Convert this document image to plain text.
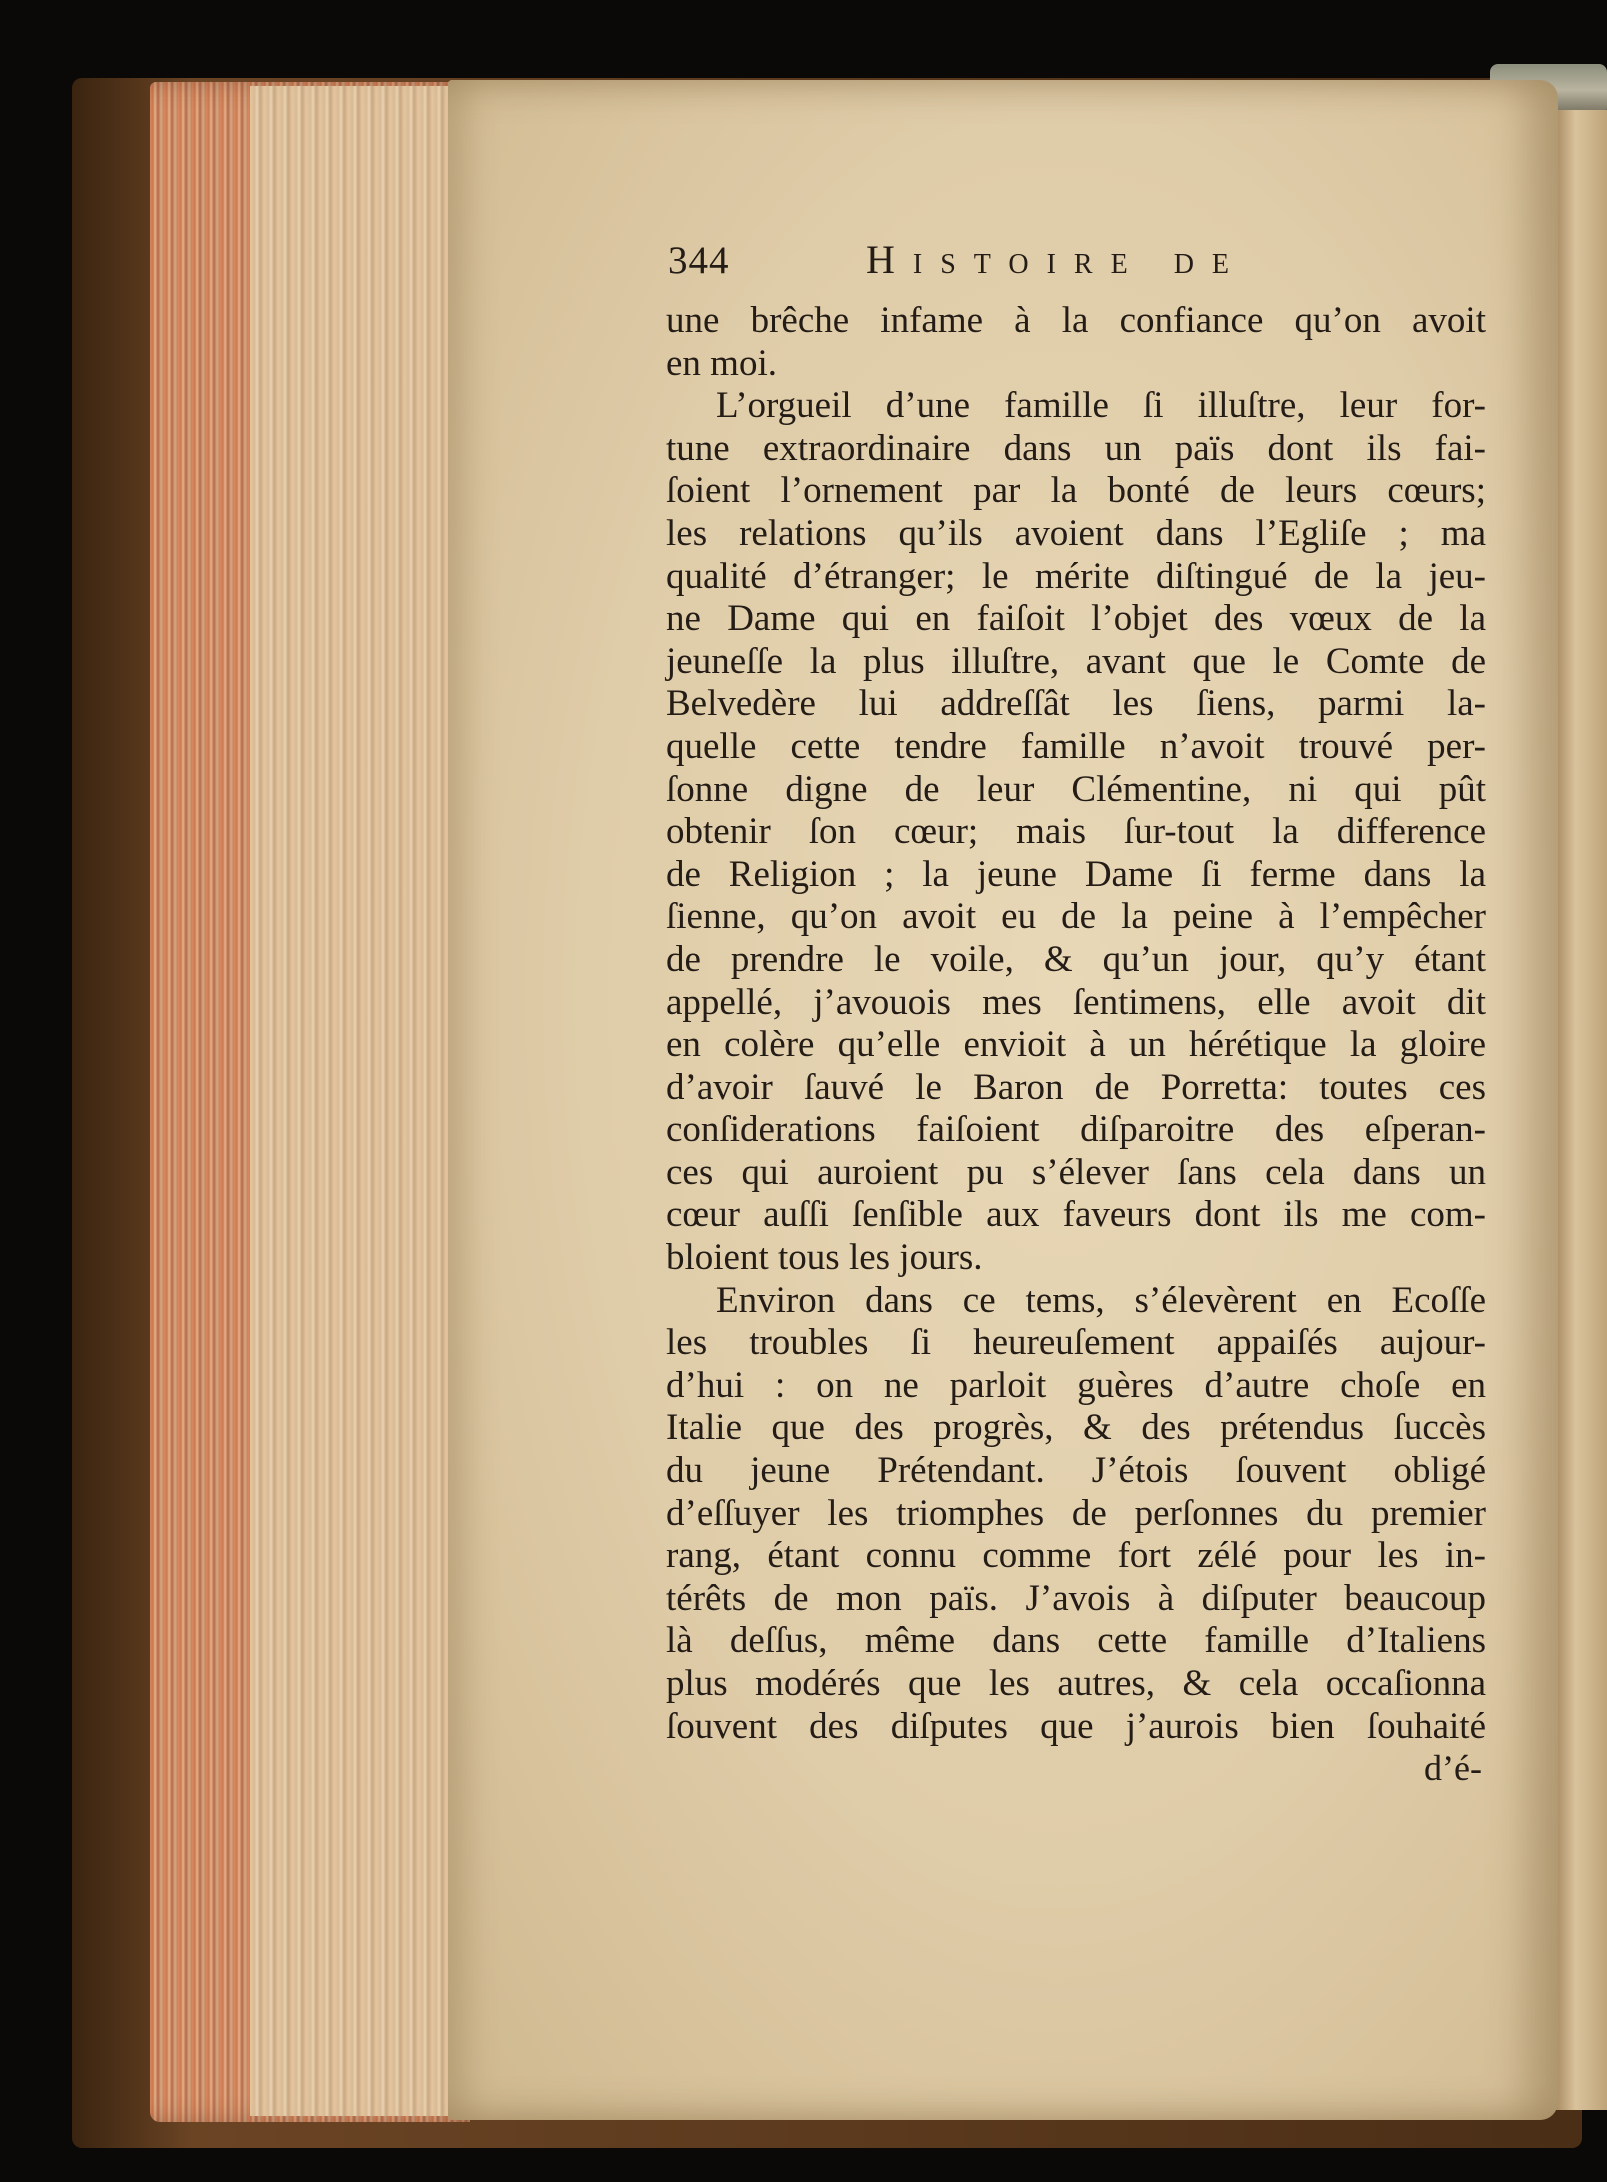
344	Histoire de
une brêche infame à la confiance qu’on avoit
en moi.
L’orgueil d’une famille ſi illuſtre, leur for-
tune extraordinaire dans un païs dont ils fai-
ſoient l’ornement par la bonté de leurs cœurs;
les relations qu’ils avoient dans l’Egliſe ; ma
qualité d’étranger; le mérite diſtingué de la jeu-
ne Dame qui en faiſoit l’objet des vœux de la
jeuneſſe la plus illuſtre, avant que le Comte de
Belvedère lui addreſſât les ſiens, parmi la-
quelle cette tendre famille n’avoit trouvé per-
ſonne digne de leur Clémentine, ni qui pût
obtenir ſon cœur; mais ſur-tout la difference
de Religion ; la jeune Dame ſi ferme dans la
ſienne, qu’on avoit eu de la peine à l’empêcher
de prendre le voile, & qu’un jour, qu’y étant
appellé, j’avouois mes ſentimens, elle avoit dit
en colère qu’elle envioit à un hérétique la gloire
d’avoir ſauvé le Baron de Porretta: toutes ces
conſiderations faiſoient diſparoitre des eſperan-
ces qui auroient pu s’élever ſans cela dans un
cœur auſſi ſenſible aux faveurs dont ils me com-
bloient tous les jours.
Environ dans ce tems, s’élevèrent en Ecoſſe
les troubles ſi heureuſement appaiſés aujour-
d’hui : on ne parloit guères d’autre choſe en
Italie que des progrès, & des prétendus ſuccès
du jeune Prétendant. J’étois ſouvent obligé
d’eſſuyer les triomphes de perſonnes du premier
rang, étant connu comme fort zélé pour les in-
térêts de mon païs. J’avois à diſputer beaucoup
là deſſus, même dans cette famille d’Italiens
plus modérés que les autres, & cela occaſionna
ſouvent des diſputes que j’aurois bien ſouhaité
d’é-
